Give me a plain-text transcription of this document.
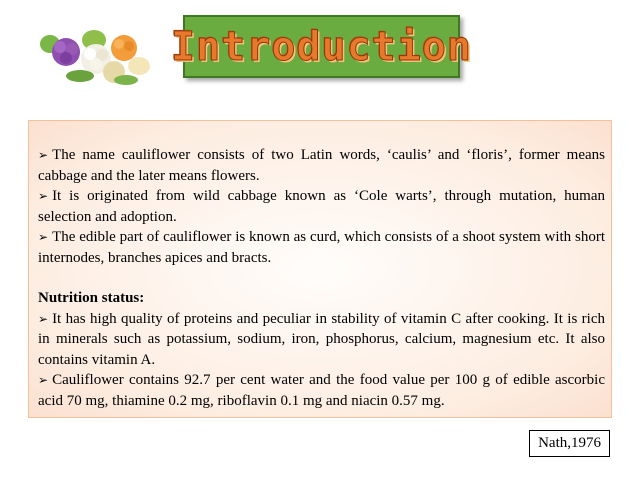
Introduction

➢ The name cauliflower consists of two Latin words, ‘caulis’ and ‘floris’, former means cabbage and the later means flowers.

➢ It is originated from wild cabbage known as ‘Cole warts’, through mutation, human selection and adoption.

➢ The edible part of cauliflower is known as curd, which consists of a shoot system with short internodes, branches apices and bracts.

Nutrition status:

➢ It has high quality of proteins and peculiar in stability of vitamin C after cooking. It is rich in minerals such as potassium, sodium, iron, phosphorus, calcium, magnesium etc. It also contains vitamin A.

➢ Cauliflower contains 92.7 per cent water and the food value per 100 g of edible ascorbic acid 70 mg, thiamine 0.2 mg, riboflavin 0.1 mg and niacin 0.57 mg.

Nath,1976
